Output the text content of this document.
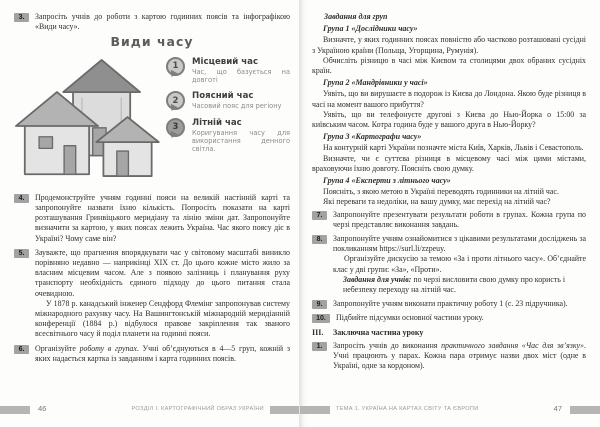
3.	Запросіть учнів до роботи з картою годинних поясів та інфографікою «Види часу».

Види часу
1	Місцевий час
Час, що базується на довготі
2	Поясний час
Часовий пояс для регіону
3	Літній час
Коригування часу для використання денного світла.
4.	Продемонструйте учням годинні пояси на великій настінній карті та запропонуйте назвати їхню кількість. Попросіть показати на карті розташування Гринвіцького меридіану та лінію зміни дат. Запропонуйте визначити за картою, у яких поясах лежить Україна. Час якого поясу діє в Україні? Чому саме він?

5.	Зауважте, що прагнення впорядкувати час у світовому масштабі виникло порівняно недавно — наприкінці XIX ст. До цього кожне місто жило за власним місцевим часом. Але з появою залізниць і планування руху транспорту необхідність єдиного підходу до цього питання стала очевидною.

У 1878 р. канадський інженер Сендфорд Флемінг запропонував систему міжнародного рахунку часу. На Вашингтонській міжнародній меридіанній конференції (1884 р.) відбулося правове закріплення так званого всесвітнього часу й поділ планети на годинні пояси.

6.	Організуйте роботу в групах. Учні об’єднуються в 4—5 груп, кожній з яких надається картка із завданням і карта годинних поясів.

46	РОЗДІЛ І. КАРТОГРАФІЧНИЙ ОБРАЗ УКРАЇНИ

Завдання для груп

Група 1 «Дослідники часу»

Визначте, у яких годинних поясах повністю або частково розташовані сусідні з Україною країни (Польща, Угорщина, Румунія).

Обчисліть різницю в часі між Києвом та столицями двох обраних сусідніх країн.

Група 2 «Мандрівники у часі»

Уявіть, що ви вирушаєте в подорож із Києва до Лондона. Якою буде різниця в часі на момент вашого прибуття?

Уявіть, що ви телефонуєте другові з Києва до Нью-Йорка о 15:00 за київським часом. Котра година буде у вашого друга в Нью-Йорку?

Група 3 «Картографи часу»

На контурній карті України позначте міста Київ, Харків, Львів і Севастополь.

Визначте, чи є суттєва різниця в місцевому часі між цими містами, враховуючи їхню довготу. Поясніть свою думку.

Група 4 «Експерти з літнього часу»

Поясніть, з якою метою в Україні переводять годинники на літній час.

Які переваги та недоліки, на вашу думку, має перехід на літній час?

7.	Запропонуйте презентувати результати роботи в групах. Кожна група по черзі представляє виконання завдань.

8.	Запропонуйте учням ознайомитися з цікавими результатами досліджень за покликанням https://surl.li/zzpeuy.

Організуйте дискусію за темою «За і проти літнього часу». Об’єднайте клас у дві групи: «За», «Проти».

Завдання для учнів: по черзі висловити свою думку про користь і небезпеку переходу на літній час.

9.	Запропонуйте учням виконати практичну роботу 1 (с. 23 підручника).

10.	Підбийте підсумки основної частини уроку.

III.	Заключна частина уроку
1.	Запросіть учнів до виконання практичного завдання «Час для зв’язку». Учні працюють у парах. Кожна пара отримує назви двох міст (одне в Україні, одне за кордоном).

ТЕМА 1. УКРАЇНА НА КАРТАХ СВІТУ ТА ЄВРОПИ	47
